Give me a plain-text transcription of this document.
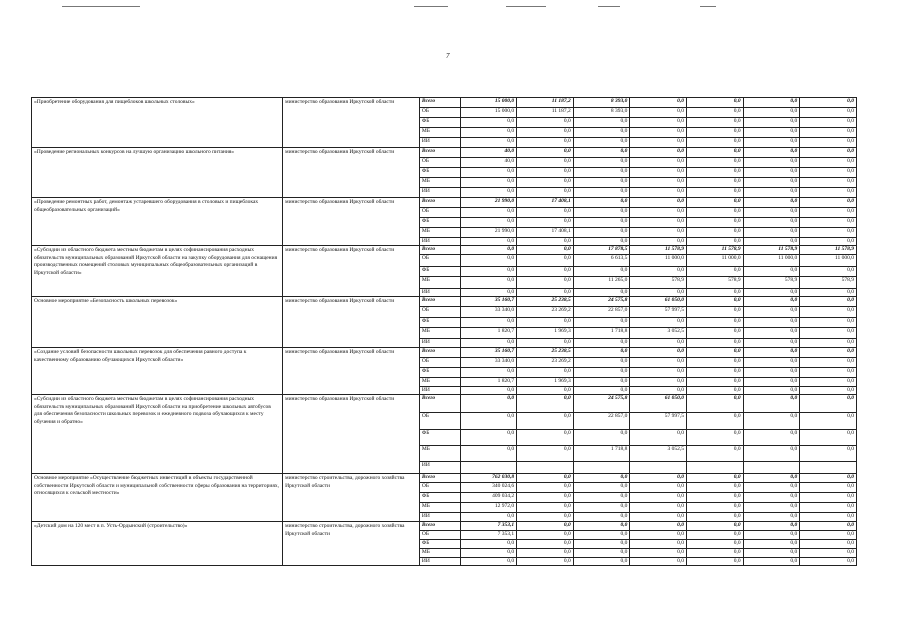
7
«Приобретение оборудования для пищеблоков школьных столовых»	министерство образования Иркутской области	Всего	15 000,0	11 187,2	8 393,0	0,0	0,0	0,0	0,0
		ОБ	15 000,0	11 187,2	8 393,0	0,0	0,0	0,0	0,0
		ФБ	0,0	0,0	0,0	0,0	0,0	0,0	0,0
		МБ	0,0	0,0	0,0	0,0	0,0	0,0	0,0
		ИИ	0,0	0,0	0,0	0,0	0,0	0,0	0,0
«Проведение региональных конкурсов на лучшую организацию школьного питания»	министерство образования Иркутской области	Всего	40,0	0,0	0,0	0,0	0,0	0,0	0,0
		ОБ	40,0	0,0	0,0	0,0	0,0	0,0	0,0
		ФБ	0,0	0,0	0,0	0,0	0,0	0,0	0,0
		МБ	0,0	0,0	0,0	0,0	0,0	0,0	0,0
		ИИ	0,0	0,0	0,0	0,0	0,0	0,0	0,0
«Проведение ремонтных работ, демонтаж устаревшего оборудования в столовых и пищеблоках общеобразовательных организаций»	министерство образования Иркутской области	Всего	21 990,0	17 408,1	0,0	0,0	0,0	0,0	0,0
		ОБ	0,0	0,0	0,0	0,0	0,0	0,0	0,0
		ФБ	0,0	0,0	0,0	0,0	0,0	0,0	0,0
		МБ	21 990,0	17 408,1	0,0	0,0	0,0	0,0	0,0
		ИИ	0,0	0,0	0,0	0,0	0,0	0,0	0,0
«Субсидии из областного бюджета местным бюджетам в целях софинансирования расходных обязательств муниципальных образований Иркутской области на закупку оборудования для оснащения производственных помещений столовых муниципальных общеобразовательных организаций в Иркутской области»	министерство образования Иркутской области	Всего	0,0	0,0	17 878,5	11 578,9	11 578,9	11 578,9	11 578,9
		ОБ	0,0	0,0	6 613,5	11 000,0	11 000,0	11 000,0	11 000,0
		ФБ	0,0	0,0	0,0	0,0	0,0	0,0	0,0
		МБ	0,0	0,0	11 265,0	578,9	578,9	578,9	578,9
		ИИ	0,0	0,0	0,0	0,0	0,0	0,0	0,0
Основное мероприятие «Безопасность школьных перевозок»	министерство образования Иркутской области	Всего	35 160,7	25 238,5	24 575,8	61 050,0	0,0	0,0	0,0
		ОБ	33 340,0	23 269,2	22 857,0	57 997,5	0,0	0,0	0,0
		ФБ	0,0	0,0	0,0	0,0	0,0	0,0	0,0
		МБ	1 820,7	1 969,3	1 718,8	3 052,5	0,0	0,0	0,0
		ИИ	0,0	0,0	0,0	0,0	0,0	0,0	0,0
«Создание условий безопасности школьных перевозок для обеспечения равного доступа к качественному образованию обучающихся Иркутской области»	министерство образования Иркутской области	Всего	35 160,7	25 238,5	0,0	0,0	0,0	0,0	0,0
		ОБ	33 340,0	23 269,2	0,0	0,0	0,0	0,0	0,0
		ФБ	0,0	0,0	0,0	0,0	0,0	0,0	0,0
		МБ	1 820,7	1 969,3	0,0	0,0	0,0	0,0	0,0
		ИИ	0,0	0,0	0,0	0,0	0,0	0,0	0,0
«Субсидии из областного бюджета местным бюджетам в целях софинансирования расходных обязательств муниципальных образований Иркутской области на приобретение школьных автобусов для обеспечения безопасности школьных перевозок и ежедневного подвоза обучающихся к месту обучения и обратно»	министерство образования Иркутской области	Всего	0,0	0,0	24 575,8	61 050,0	0,0	0,0	0,0
		ОБ	0,0	0,0	22 857,0	57 997,5	0,0	0,0	0,0
		ФБ	0,0	0,0	0,0	0,0	0,0	0,0	0,0
		МБ	0,0	0,0	1 718,8	3 052,5	0,0	0,0	0,0
		ИИ							
Основное мероприятие «Осуществление бюджетных инвестиций в объекты государственной собственности Иркутской области и муниципальной собственности сферы образования на территориях, относящихся к сельской местности»	министерство строительства, дорожного хозяйства Иркутской области	Всего	762 030,8	0,0	0,0	0,0	0,0	0,0	0,0
		ОБ	340 024,6	0,0	0,0	0,0	0,0	0,0	0,0
		ФБ	409 034,2	0,0	0,0	0,0	0,0	0,0	0,0
		МБ	12 972,0	0,0	0,0	0,0	0,0	0,0	0,0
		ИИ	0,0	0,0	0,0	0,0	0,0	0,0	0,0
«Детский дом на 120 мест в п. Усть-Ордынский (строительство)»	министерство строительства, дорожного хозяйства Иркутской области	Всего	7 353,1	0,0	0,0	0,0	0,0	0,0	0,0
		ОБ	7 353,1	0,0	0,0	0,0	0,0	0,0	0,0
		ФБ	0,0	0,0	0,0	0,0	0,0	0,0	0,0
		МБ	0,0	0,0	0,0	0,0	0,0	0,0	0,0
		ИИ	0,0	0,0	0,0	0,0	0,0	0,0	0,0
